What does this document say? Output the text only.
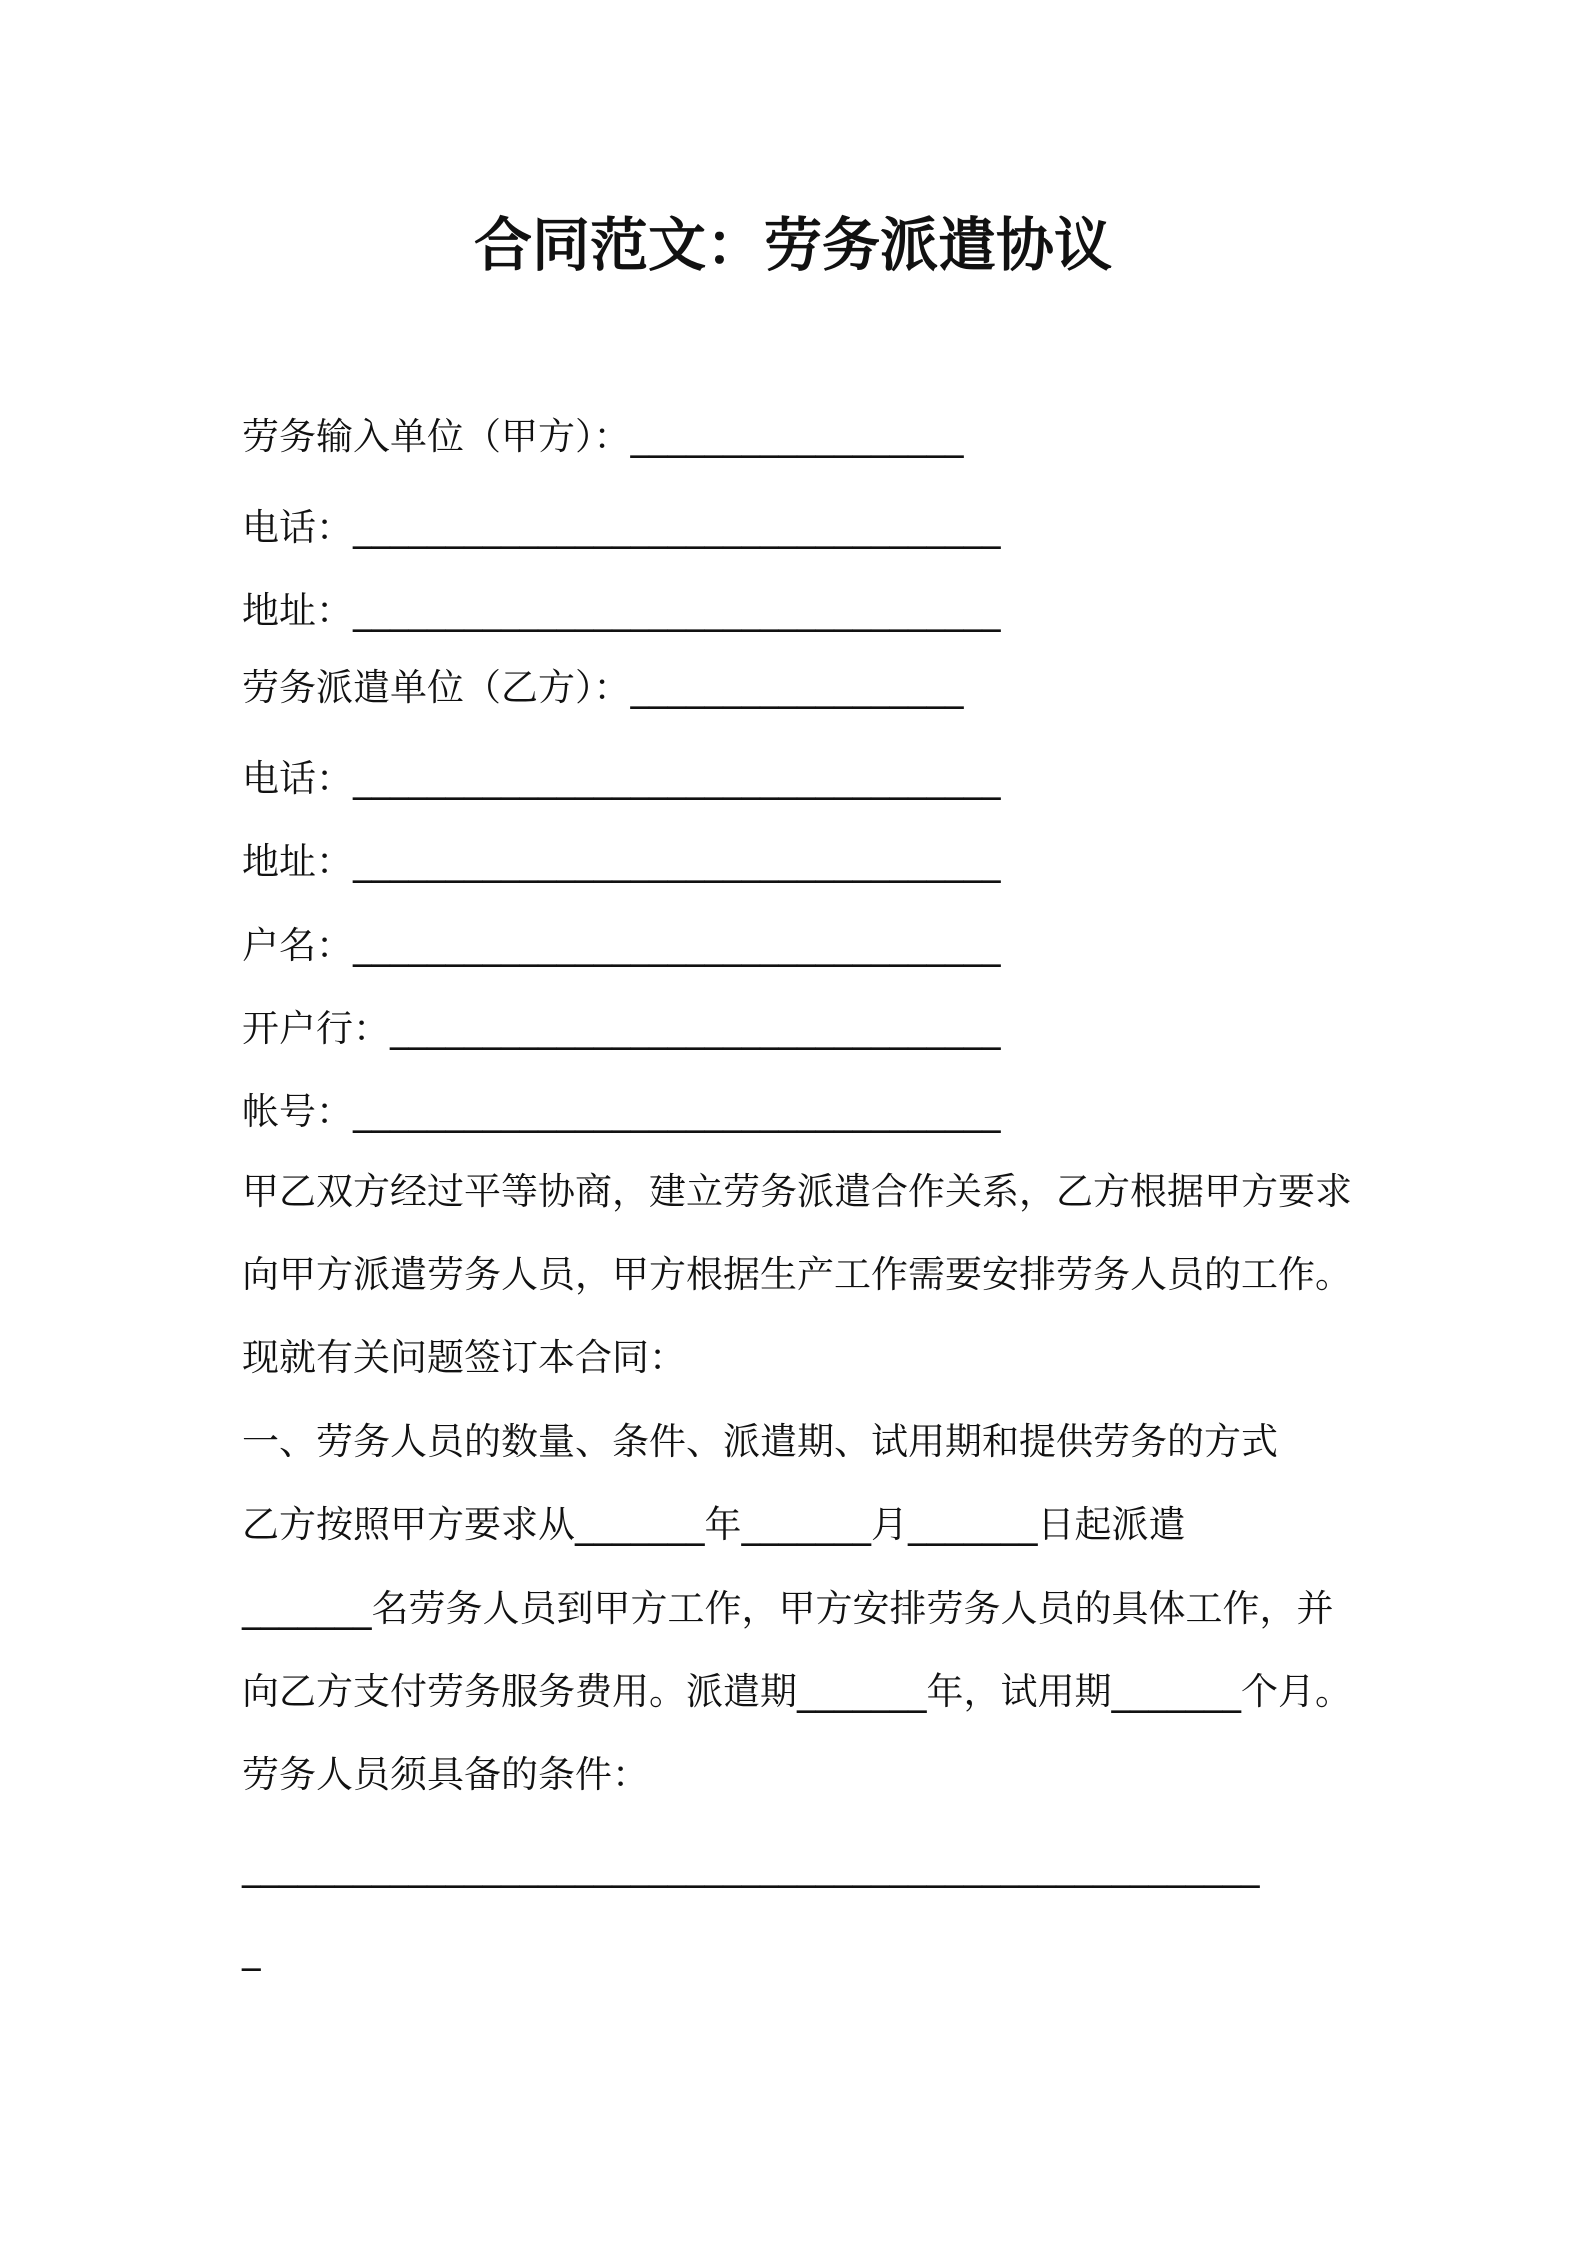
合同范文：劳务派遣协议
劳务输入单位（甲方）：__________________
电话：___________________________________
地址：___________________________________
劳务派遣单位（乙方）：__________________
电话：___________________________________
地址：___________________________________
户名：___________________________________
开户行：_________________________________
帐号：___________________________________
甲乙双方经过平等协商，建立劳务派遣合作关系，乙方根据甲方要求
向甲方派遣劳务人员，甲方根据生产工作需要安排劳务人员的工作。
现就有关问题签订本合同：
一、劳务人员的数量、条件、派遣期、试用期和提供劳务的方式
乙方按照甲方要求从_______年_______月_______日起派遣
_______名劳务人员到甲方工作，甲方安排劳务人员的具体工作，并
向乙方支付劳务服务费用。派遣期_______年，试用期_______个月。
劳务人员须具备的条件：
_______________________________________________________
_
